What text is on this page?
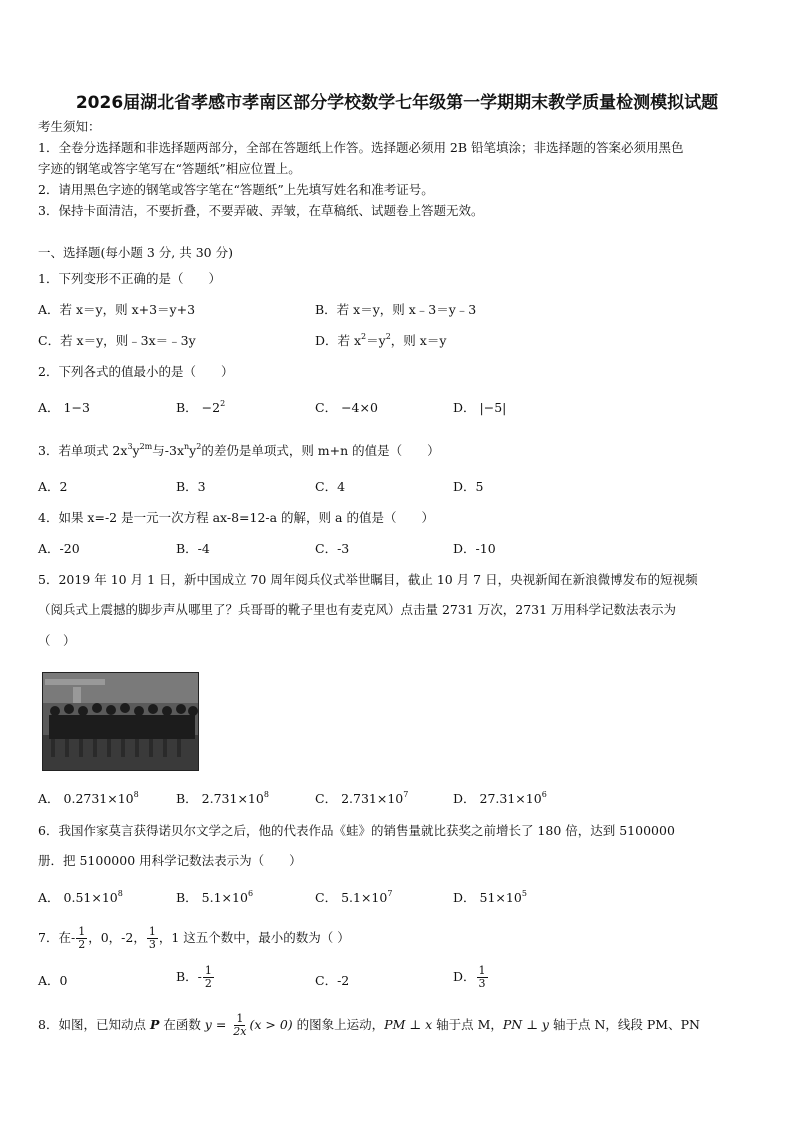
2026届湖北省孝感市孝南区部分学校数学七年级第一学期期末教学质量检测模拟试题
考生须知：
1．全卷分选择题和非选择题两部分，全部在答题纸上作答。选择题必须用 2B 铅笔填涂；非选择题的答案必须用黑色
字迹的钢笔或答字笔写在“答题纸”相应位置上。
2．请用黑色字迹的钢笔或答字笔在“答题纸”上先填写姓名和准考证号。
3．保持卡面清洁，不要折叠，不要弄破、弄皱，在草稿纸、试题卷上答题无效。
一、选择题(每小题 3 分, 共 30 分)
1．下列变形不正确的是（　　）
A．若 x＝y，则 x+3＝y+3	B．若 x＝y，则 x﹣3＝y﹣3
C．若 x＝y，则﹣3x＝﹣3y	D．若 $x^2=y^2$，则 x＝y
2．下列各式的值最小的是（　　）
A． 1−3	B． $-2^2$	C． −4×0	D． |−5|
3．若单项式 $2x^3y^{2m}$与$-3x^ny^2$的差仍是单项式，则 m+n 的值是（　　）
A．2	B．3	C．4	D．5
4．如果 x=-2 是一元一次方程 ax-8=12-a 的解，则 a 的值是（　　）
A．-20	B．-4	C．-3	D．-10
5．2019 年 10 月 1 日，新中国成立 70 周年阅兵仪式举世瞩目，截止 10 月 7 日，央视新闻在新浪微博发布的短视频
（阅兵式上震撼的脚步声从哪里了？兵哥哥的靴子里也有麦克风）点击量 2731 万次，2731 万用科学记数法表示为
（　）
A． $0.2731\times 10^8$	B． $2.731\times 10^8$	C． $2.731\times 10^7$	D． $27.31\times 10^6$
6．我国作家莫言获得诺贝尔文学之后，他的代表作品《蛙》的销售量就比获奖之前增长了 180 倍，达到 5100000
册．把 5100000 用科学记数法表示为（　　）
A． $0.51\times 10^8$	B． $5.1\times 10^6$	C． $5.1\times 10^7$	D． $51\times 10^5$
7．在- $\frac{1}{2}$ ，0，-2， $\frac{1}{3}$ ，1 这五个数中，最小的数为（ ）
A．0	B．- $\frac{1}{2}$	C．-2	D． $\frac{1}{3}$
8．如图，已知动点 P 在函数 $y = \frac{1}{2x} (x > 0)$ 的图象上运动，PM ⊥ x 轴于点 M，PN ⊥ y 轴于点 N，线段 PM、PN
